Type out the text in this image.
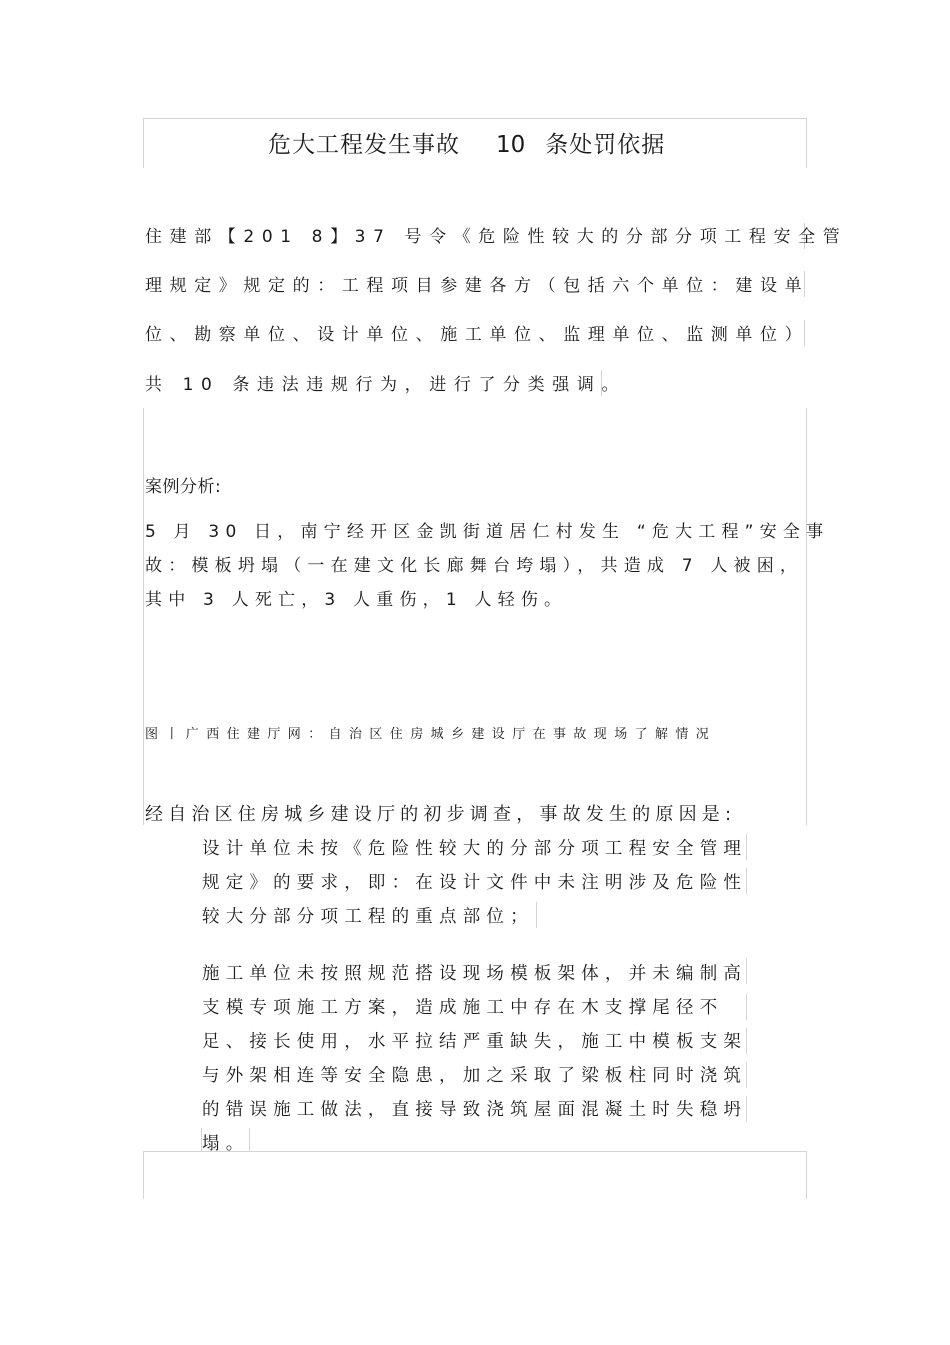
危大工程发生事故 10 条处罚依据
住建部【201 8】37 号令《危险性较大的分部分项工程安全管
理规定》规定的：工程项目参建各方（包括六个单位：建设单
位、勘察单位、设计单位、施工单位、监理单位、监测单位）
共 10 条违法违规行为，进行了分类强调。
案例分析:
5 月 30 日，南宁经开区金凯街道居仁村发生 “危大工程”安全事
故：模板坍塌（一在建文化长廊舞台垮塌），共造成 7 人被困，
其中 3 人死亡，3 人重伤，1 人轻伤。
图丨广西住建厅网：自治区住房城乡建设厅在事故现场了解情况
经自治区住房城乡建设厅的初步调查，事故发生的原因是:
设计单位未按《危险性较大的分部分项工程安全管理
规定》的要求，即：在设计文件中未注明涉及危险性
较大分部分项工程的重点部位；
施工单位未按照规范搭设现场模板架体，并未编制高
支模专项施工方案，造成施工中存在木支撑尾径不
足、接长使用，水平拉结严重缺失，施工中模板支架
与外架相连等安全隐患，加之采取了梁板柱同时浇筑
的错误施工做法，直接导致浇筑屋面混凝土时失稳坍
塌。
